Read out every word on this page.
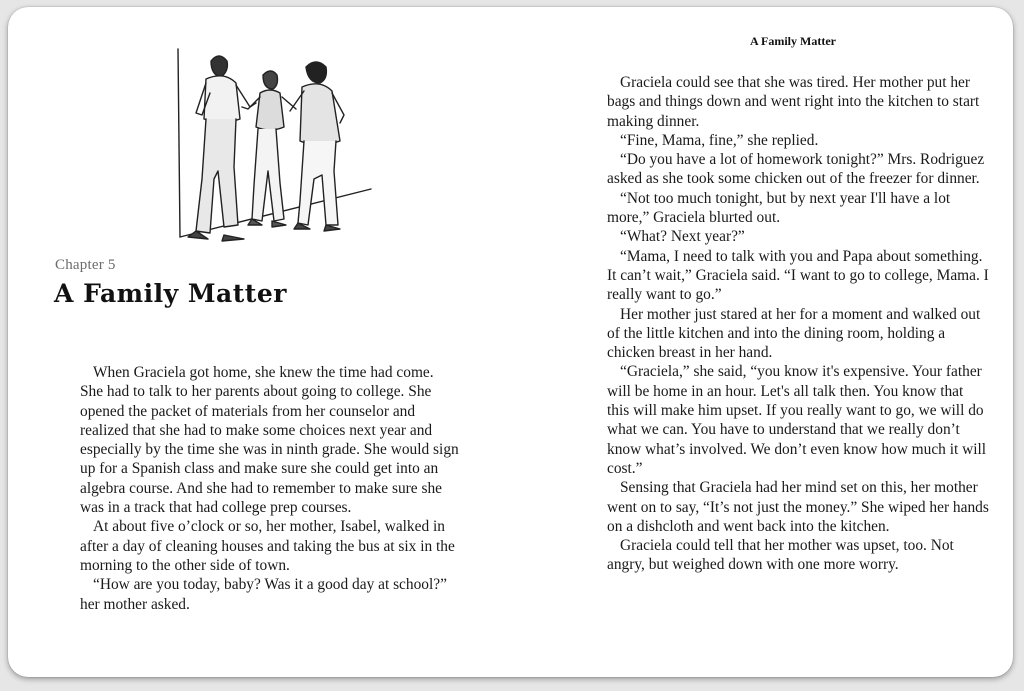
Chapter 5
A Family Matter

When Graciela got home, she knew the time had come. She had to talk to her parents about going to college. She opened the packet of materials from her counselor and realized that she had to make some choices next year and especially by the time she was in ninth grade. She would sign up for a Spanish class and make sure she could get into an algebra course. And she had to remember to make sure she was in a track that had college prep courses.

At about five o’clock or so, her mother, Isabel, walked in after a day of cleaning houses and taking the bus at six in the morning to the other side of town.

“How are you today, baby? Was it a good day at school?” her mother asked.

A Family Matter

Graciela could see that she was tired. Her mother put her bags and things down and went right into the kitchen to start making dinner.

“Fine, Mama, fine,” she replied.

“Do you have a lot of homework tonight?” Mrs. Rodriguez asked as she took some chicken out of the freezer for dinner.

“Not too much tonight, but by next year I'll have a lot more,” Graciela blurted out.

“What? Next year?”

“Mama, I need to talk with you and Papa about something. It can’t wait,” Graciela said. “I want to go to college, Mama. I really want to go.”

Her mother just stared at her for a moment and walked out of the little kitchen and into the dining room, holding a chicken breast in her hand.

“Graciela,” she said, “you know it's expensive. Your father will be home in an hour. Let's all talk then. You know that this will make him upset. If you really want to go, we will do what we can. You have to understand that we really don’t know what’s involved. We don’t even know how much it will cost.”

Sensing that Graciela had her mind set on this, her mother went on to say, “It’s not just the money.” She wiped her hands on a dishcloth and went back into the kitchen.

Graciela could tell that her mother was upset, too. Not angry, but weighed down with one more worry.
